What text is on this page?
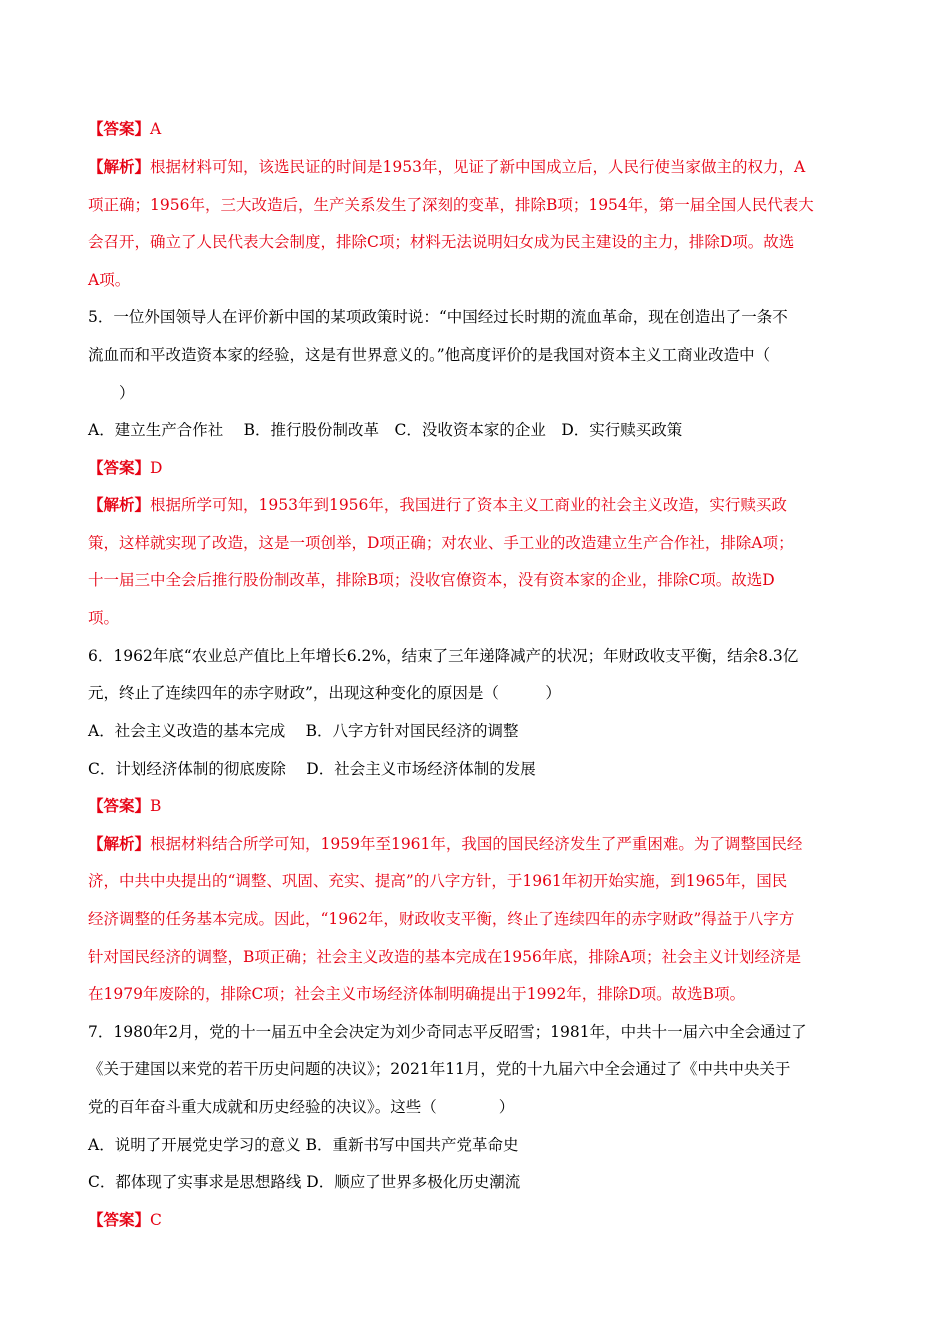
【答案】A
【解析】根据材料可知，该选民证的时间是1953年，见证了新中国成立后，人民行使当家做主的权力，A
项正确；1956年，三大改造后，生产关系发生了深刻的变革，排除B项；1954年，第一届全国人民代表大
会召开，确立了人民代表大会制度，排除C项；材料无法说明妇女成为民主建设的主力，排除D项。故选
A项。
5．一位外国领导人在评价新中国的某项政策时说：“中国经过长时期的流血革命，现在创造出了一条不
流血而和平改造资本家的经验，这是有世界意义的。”他高度评价的是我国对资本主义工商业改造中（
　　）
A．建立生产合作社　 B．推行股份制改革　C．没收资本家的企业　D．实行赎买政策
【答案】D
【解析】根据所学可知，1953年到1956年，我国进行了资本主义工商业的社会主义改造，实行赎买政
策，这样就实现了改造，这是一项创举，D项正确；对农业、手工业的改造建立生产合作社，排除A项；
十一届三中全会后推行股份制改革，排除B项；没收官僚资本，没有资本家的企业，排除C项。故选D
项。
6．1962年底“农业总产值比上年增长6.2%，结束了三年递降减产的状况；年财政收支平衡，结余8.3亿
元，终止了连续四年的赤字财政”，出现这种变化的原因是（　　　）
A．社会主义改造的基本完成　 B．八字方针对国民经济的调整
C．计划经济体制的彻底废除　 D．社会主义市场经济体制的发展
【答案】B
【解析】根据材料结合所学可知，1959年至1961年，我国的国民经济发生了严重困难。为了调整国民经
济，中共中央提出的“调整、巩固、充实、提高”的八字方针，于1961年初开始实施，到1965年，国民
经济调整的任务基本完成。因此，“1962年，财政收支平衡，终止了连续四年的赤字财政”得益于八字方
针对国民经济的调整，B项正确；社会主义改造的基本完成在1956年底，排除A项；社会主义计划经济是
在1979年废除的，排除C项；社会主义市场经济体制明确提出于1992年，排除D项。故选B项。
7．1980年2月，党的十一届五中全会决定为刘少奇同志平反昭雪；1981年，中共十一届六中全会通过了
《关于建国以来党的若干历史问题的决议》；2021年11月，党的十九届六中全会通过了《中共中央关于
党的百年奋斗重大成就和历史经验的决议》。这些（　　　　）
A．说明了开展党史学习的意义 B．重新书写中国共产党革命史
C．都体现了实事求是思想路线 D．顺应了世界多极化历史潮流
【答案】C
